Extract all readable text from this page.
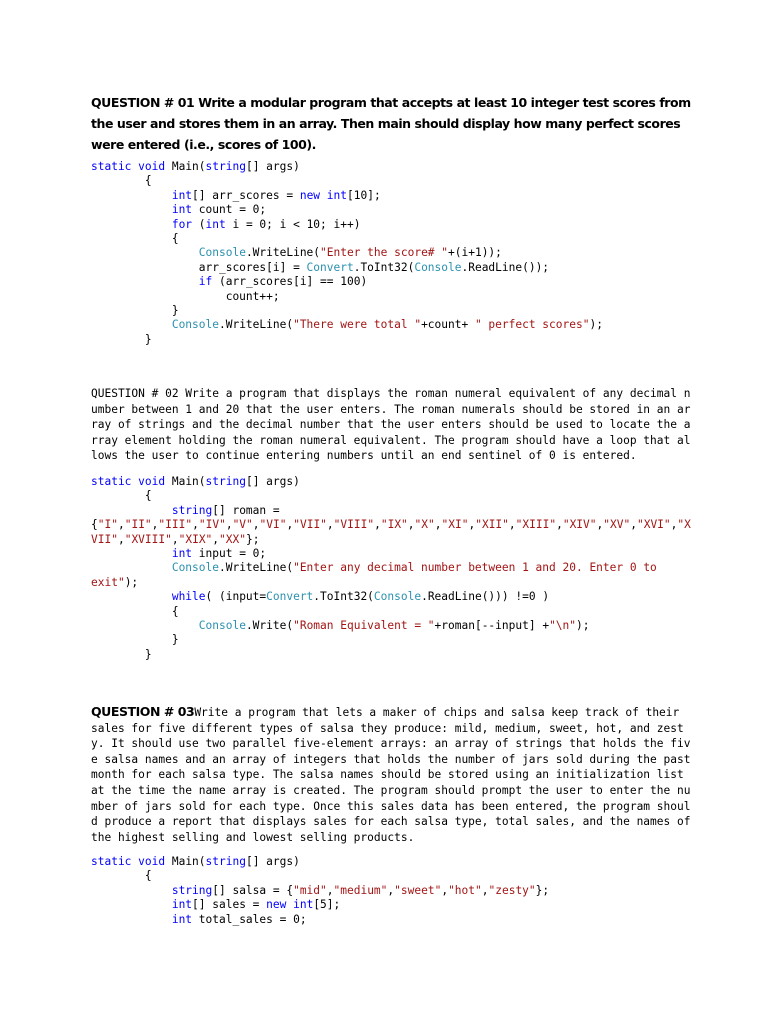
QUESTION # 01 Write a modular program that accepts at least 10 integer test scores from the user and stores them in an array. Then main should display how many perfect scores were entered (i.e., scores of 100).
static void Main(string[] args)
{
int[] arr_scores = new int[10];
int count = 0;
for (int i = 0; i < 10; i++)
{
Console.WriteLine("Enter the score# "+(i+1));
arr_scores[i] = Convert.ToInt32(Console.ReadLine());
if (arr_scores[i] == 100)
count++;
}
Console.WriteLine("There were total "+count+ " perfect scores");
}
QUESTION # 02 Write a program that displays the roman numeral equivalent of any decimal number between 1 and 20 that the user enters. The roman numerals should be stored in an array of strings and the decimal number that the user enters should be used to locate the array element holding the roman numeral equivalent. The program should have a loop that allows the user to continue entering numbers until an end sentinel of 0 is entered.
static void Main(string[] args)
{
string[] roman =
{"I","II","III","IV","V","VI","VII","VIII","IX","X","XI","XII","XIII","XIV","XV","XVI","X
VII","XVIII","XIX","XX"};
int input = 0;
Console.WriteLine("Enter any decimal number between 1 and 20. Enter 0 to
exit");
while( (input=Convert.ToInt32(Console.ReadLine())) !=0 )
{
Console.Write("Roman Equivalent = "+roman[--input] +"\n");
}
}
QUESTION # 03Write a program that lets a maker of chips and salsa keep track of their sales for five different types of salsa they produce: mild, medium, sweet, hot, and zesty. It should use two parallel five-element arrays: an array of strings that holds the five salsa names and an array of integers that holds the number of jars sold during the past month for each salsa type. The salsa names should be stored using an initialization list at the time the name array is created. The program should prompt the user to enter the number of jars sold for each type. Once this sales data has been entered, the program should produce a report that displays sales for each salsa type, total sales, and the names of the highest selling and lowest selling products.
static void Main(string[] args)
{
string[] salsa = {"mid","medium","sweet","hot","zesty"};
int[] sales = new int[5];
int total_sales = 0;
